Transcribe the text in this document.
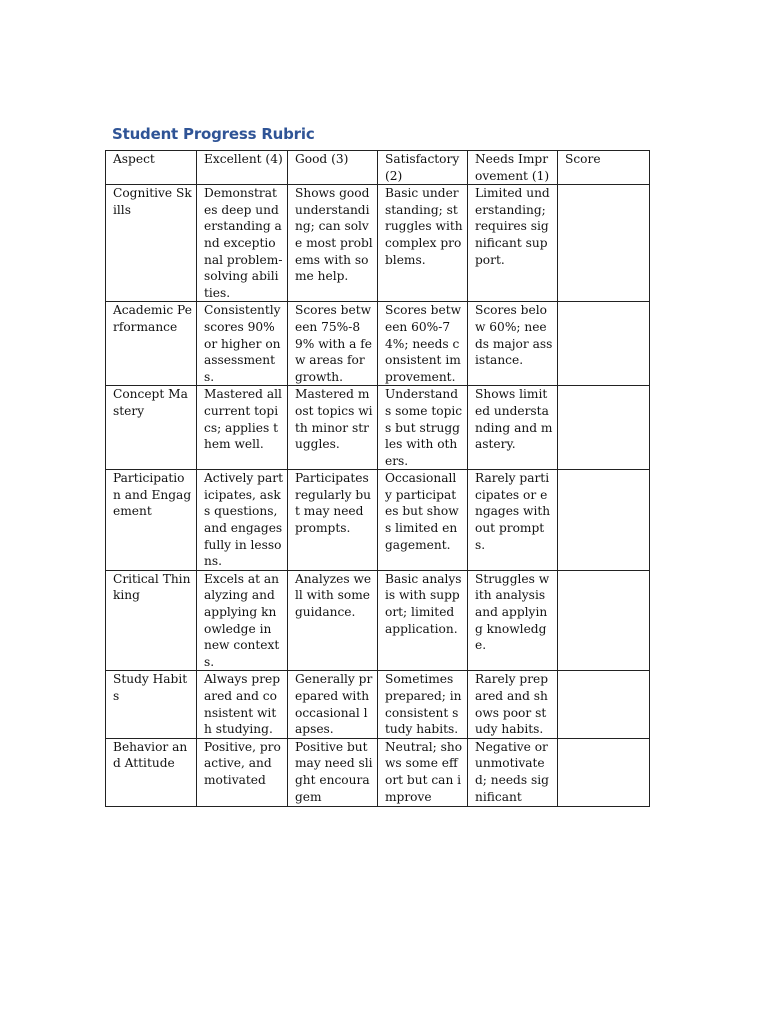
Student Progress Rubric
Aspect	Excellent (4)	Good (3)	Satisfactory (2)	Needs Improvement (1)	Score
Cognitive Skills	Demonstrates deep understanding and exceptional problem-solving abilities.	Shows good understanding; can solve most problems with some help.	Basic understanding; struggles with complex problems.	Limited understanding; requires significant support.	
Academic Performance	Consistently scores 90% or higher on assessments.	Scores between 75%-89% with a few areas for growth.	Scores between 60%-74%; needs consistent improvement.	Scores below 60%; needs major assistance.	
Concept Mastery	Mastered all current topics; applies them well.	Mastered most topics with minor struggles.	Understands some topics but struggles with others.	Shows limited understanding and mastery.	
Participation and Engagement	Actively participates, asks questions, and engages fully in lessons.	Participates regularly but may need prompts.	Occasionally participates but shows limited engagement.	Rarely participates or engages without prompts.	
Critical Thinking	Excels at analyzing and applying knowledge in new contexts.	Analyzes well with some guidance.	Basic analysis with support; limited application.	Struggles with analysis and applying knowledge.	
Study Habits	Always prepared and consistent with studying.	Generally prepared with occasional lapses.	Sometimes prepared; inconsistent study habits.	Rarely prepared and shows poor study habits.	
Behavior and Attitude	Positive, proactive, and motivated	Positive but may need slight encouragem	Neutral; shows some effort but can improve	Negative or unmotivated; needs significant	
